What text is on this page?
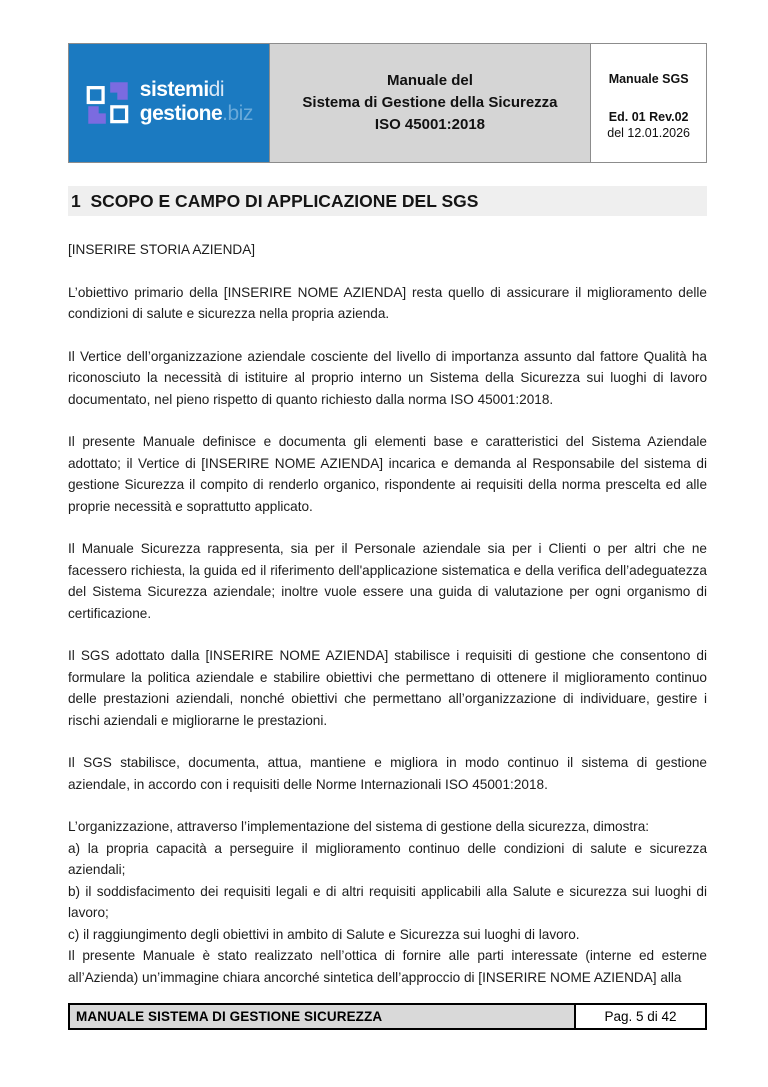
sistemidi
gestione.biz
Manuale del
Sistema di Gestione della Sicurezza
ISO 45001:2018
Manuale SGS
Ed. 01 Rev.02
del 12.01.2026
1  SCOPO E CAMPO DI APPLICAZIONE DEL SGS

[INSERIRE STORIA AZIENDA]

L’obiettivo primario della [INSERIRE NOME AZIENDA] resta quello di assicurare il miglioramento delle condizioni di salute e sicurezza nella propria azienda.

Il Vertice dell’organizzazione aziendale cosciente del livello di importanza assunto dal fattore Qualità ha riconosciuto la necessità di istituire al proprio interno un Sistema della Sicurezza sui luoghi di lavoro documentato, nel pieno rispetto di quanto richiesto dalla norma ISO 45001:2018.

Il presente Manuale definisce e documenta gli elementi base e caratteristici del Sistema Aziendale adottato; il Vertice di [INSERIRE NOME AZIENDA] incarica e demanda al Responsabile del sistema di gestione Sicurezza il compito di renderlo organico, rispondente ai requisiti della norma prescelta ed alle proprie necessità e soprattutto applicato.

Il Manuale Sicurezza rappresenta, sia per il Personale aziendale sia per i Clienti o per altri che ne facessero richiesta, la guida ed il riferimento dell'applicazione sistematica e della verifica dell’adeguatezza del Sistema Sicurezza aziendale; inoltre vuole essere una guida di valutazione per ogni organismo di certificazione.

Il SGS adottato dalla [INSERIRE NOME AZIENDA] stabilisce i requisiti di gestione che consentono di formulare la politica aziendale e stabilire obiettivi che permettano di ottenere il miglioramento continuo delle prestazioni aziendali, nonché obiettivi che permettano all’organizzazione di individuare, gestire i rischi aziendali e migliorarne le prestazioni.

Il SGS stabilisce, documenta, attua, mantiene e migliora in modo continuo il sistema di gestione aziendale, in accordo con i requisiti delle Norme Internazionali ISO 45001:2018.

L’organizzazione, attraverso l’implementazione del sistema di gestione della sicurezza, dimostra:

a) la propria capacità a perseguire il miglioramento continuo delle condizioni di salute e sicurezza aziendali;

b) il soddisfacimento dei requisiti legali e di altri requisiti applicabili alla Salute e sicurezza sui luoghi di lavoro;

c) il raggiungimento degli obiettivi in ambito di Salute e Sicurezza sui luoghi di lavoro.

Il presente Manuale è stato realizzato nell’ottica di fornire alle parti interessate (interne ed esterne all’Azienda) un’immagine chiara ancorché sintetica dell’approccio di [INSERIRE NOME AZIENDA] alla

MANUALE SISTEMA DI GESTIONE SICUREZZA	Pag. 5 di 42
